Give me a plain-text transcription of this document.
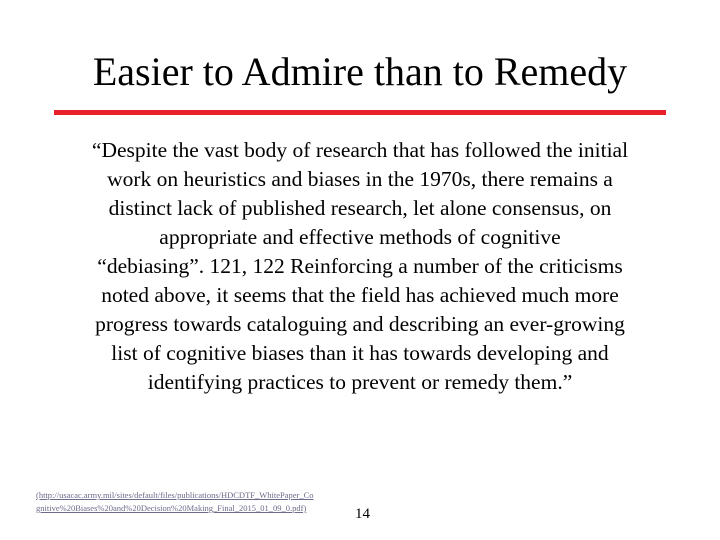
Easier to Admire than to Remedy
“Despite the vast body of research that has followed the initial
work on heuristics and biases in the 1970s, there remains a
distinct lack of published research, let alone consensus, on
appropriate and effective methods of cognitive
“debiasing”. 121, 122 Reinforcing a number of the criticisms
noted above, it seems that the field has achieved much more
progress towards cataloguing and describing an ever-growing
list of cognitive biases than it has towards developing and
identifying practices to prevent or remedy them.”
(http://usacac.army.mil/sites/default/files/publications/HDCDTF_WhitePaper_Co
gnitive%20Biases%20and%20Decision%20Making_Final_2015_01_09_0.pdf)	14
